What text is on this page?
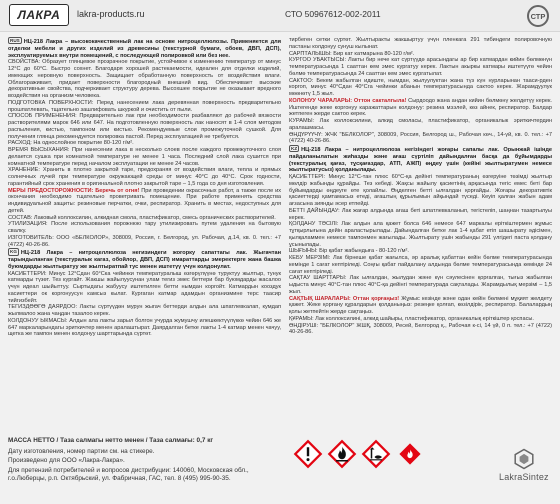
ЛАКРА	lakra-products.ru	СТО 50967612-002-2011	СТР

RUS НЦ-218 Лакра – высококачественный лак на основе нитроцеллюлозы. Применяется для отделки мебели и других изделий из древесины (текстурной бумаги, обоев, ДВП, ДСП), эксплуатируемых внутри помещений, с последующей полировкой или без нее.

СВОЙСТВА: Образует глянцевое прозрачное покрытие, устойчивое к изменению температур от минус 12°С до 60°С. Быстро сохнет. Благодаря хорошей растекаемости, идеален для отделки изделий, имеющих неровную поверхность. Защищает обработанную поверхность от воздействия влаги. Облагораживает, придает поверхности благородный внешний вид. Обеспечивает высокие декоративные свойства, подчеркивает структуру дерева. Высохшее покрытие не оказывает вредного воздействия на организм человека.

ПОДГОТОВКА ПОВЕРХНОСТИ: Перед нанесением лака деревянная поверхность предварительно прошпатлевать, тщательно зашлифовать шкуркой и очистить от пыли.

СПОСОБ ПРИМЕНЕНИЯ: Предварительно лак при необходимости разбавляют до рабочей вязкости растворителями марок 646 или 647. На подготовленную поверхность лак наносят в 1-4 слоя методом распыления, кистью, тампоном или кистью. Рекомендуемые слои промежуточной сушкой. Для получения глянца рекомендуется полировка пастой. Перед эксплуатацией не требуется.

РАСХОД: На однослойное покрытие 80-120 г/м².

ВРЕМЯ ВЫСЫХАНИЯ: При нанесении лака в несколько слоев после каждого промежуточного слоя делается сушка при комнатной температуре не менее 1 часа. Последний слой лака сушится при комнатной температуре перед началом эксплуатации не менее 24 часов.

ХРАНЕНИЕ: Хранить в плотно закрытой таре, предохраняя от воздействия влаги, тепла и прямых солнечных лучей при температуре окружающей среды от минус 40°С до 40°С. Срок годности, гарантийный срок хранения в оригинальной плотно закрытой таре – 1,5 года со дня изготовления.

МЕРЫ ПРЕДОСТОРОЖНОСТИ: Беречь от огня! При проведении окрасочных работ, а также после их окончания необходимо тщательно проветривать помещение. При работе применять средства индивидуальной защиты: резиновые перчатки, очки, респиратор. Хранить в местах, недоступных для детей.

СОСТАВ: Лаковый коллоксилин, алкидная смола, пластификатор, смесь органических растворителей.

УТИЛИЗАЦИЯ: После использования порожнюю тару утилизировать путем удаления на бытовую свалку.

ИЗГОТОВИТЕЛЬ: ООО «БЕЛКОЛОР», 308009, Россия, г. Белгород, ул. Рабочая, д.14, кв. 0. тел.: +7 (4722) 40-26-86.

KG НЦ-218 Лакра – нитроцеллюлоза негизиндеги жогорку сапаттагы лак. Жыгачтан тарындыланган (текстуралык кагаз, обойлор, ДВП, ДСП) имараттарды эмеректерге жана башка буюмдарды жылтыратуу же жылтыратпай тус менен иштетүү үчүн колдонулат.

КАСИЕТТЕРИ: Минус 12°Сдан 60°Ска чейинки температуралыш өзгөрүлүүнө туруктуу жылтыр, тунук катмарды түзөт. Тез кургайт. Жакшы жайылуусунан улам тегиз эмес беттери бар буюмдарды жасалоо үчүн идеал шыйыттуу. Сыртыдагы жабуусу иштетилген бетти нымдан коргойт. Катмардын кооздук касиеттери ок коргонуусун камсыз кылат. Кургаган катмар адамдын организмине терс таасир тийгизбейт.

ТЕГИЗДӨӨГӨ ДАЯРДОО: Лакты сүртүүдөн мурун жыгач беттерди алдын ала шпатлевкалап, кумдап жылмалоо жана чаңдан тазалоо керек.

КОЛДОНУУ ЫКМАСЫ: Алдын ала лакты зарыл болгон учурда жумушчу илешкектүүлүккө чейин 646 же 647 маркаларындагы эриткичтер менен аралаштырат. Даярдалган бетке лакты 1-4 катмар менен чачуу, щетка же тампон менен колдонуу шарттарында сүртөт.

МАССА НЕТТО / Таза салмагы нетто менен / Таза салмағы: 0,7 кг
Дату изготовления, номер партии см. на стикере.
Произведено для ООО «Лакра-Лакра».
Для претензий потребителей и вопросов дистрибуции: 140060, Московская обл., г.о.Люберцы, р.п. Октябрьский, ул. Фабричная, ГАС, тел. 8 (495) 995-90-35.

тирбеген сетки сүртөт. Жылтыракты жакшыртуу үчүн пленкага 291 тибиндеги полировочную пастаны колдонуу сунуш кылынат.

САРПТАЛЫШЫ: Бир кат катмарына 80-120 г/м².

КУРГОО УБАКТЫСЫ: Лакты бир нече кат сүртүүдө арасындагы ар бир катмардан кийин бөлмөнүн температурасында 1 сааттан кем эмес кургатуу керек. Лактын акыркы катмары иштетүүгө чейин бөлмө температурасында 24 сааттан кем эмес кургатылат.

САКТОО: Бекем жабылган идиште, нымдан, жылуулуктан жана түз күн нурларынан тааси-рден коргоп, минус 40°Cдан 40°Cга чейинки абанын температурасында сактоо керек. Жарамдуулук мөөнөтү 1,5 жыл.

КОЛОНУУ ЧАРАЛАРЫ: Оттон сакталгыла! Сырдоодо жана андан кийин бөлмөнү желдетүү керек. Иштегенде жеке коргонуу каражаттарын колдонуу: резина мээлей, көз айнек, респиратор. Балдар жетпеген жерде сактоо керек.

КУРАМЫ: Лак коллоксилини, алкид смоласы, пластификатор, органикалык эриткичтердин аралашмасы.

ӨНДҮРҮҮЧҮ: ЖЧК "БЕЛКОЛОР", 308009, Россия, Белгород ш., Рабочая көч., 14-үй, кв. 0. тел.: +7 (4722) 40-26-86.

KZ НЦ-218 Лакра – нитроцеллюлоза негізіндегі жоғары сапалы лак. Орынжай ішінде пайдаланылатын жиһазды және ағаш сүртіліп дайындалған басқа да бұйымдарды (текстуралық қағаз, тұсқағаздар, АТП, АЖП) өңдеу үшін (кейіні жылтыратумен немесе жылтыратусыз) қолданылады.

ҚАСИЕТТЕРІ: Минус 12°С-тан плюс 60°С-қа дейінгі температураның өзгеруіне төзімді жылтыр мөлдір жабынды құрайды. Тез кебеді. Жақсы жайылу қасиетінің арқасында тегіс емес беті бар бұйымдарды өңдеуге өте қолайлы. Өңделген бетті ылғалдан қорғайды. Жоғары декоративтік қасиеттерді қамтамасыз етеді, ағаштың құрылымын айқындай түседі. Кеуіп қалған жабын адам ағзасына зиянды әсер етпейді.

БЕТТІ ДАЙЫНДАУ: Лак жағар алдында ағаш беті шпатлевкаланып, тегістеліп, шаңнан тазартылуы керек.

ҚОЛДАНУ ТӘСІЛІ: Лак алдын ала қажет болса 646 немесе 647 маркалы еріткіштермен жұмыс тұтқырлығына дейін араластырылады. Дайындалған бетке лак 1-4 қабат етіп шашырату әдісімен, қылқаламмен немесе тампонмен жағылады. Жылтырату үшін жабынды 291 үлгідегі паста қолдану ұсынылады.

ШЫҒЫНЫ: Бір қабат жабындыға - 80-120 г/м².

КЕБУ МЕРЗІМІ: Лак бірнеше қабат жағылса, әр аралық қабаттан кейін бөлме температурасында кемінде 1 сағат кептіріледі. Соңғы қабат пайдалану алдында бөлме температурасында кемінде 24 сағат кептіріледі.

САҚТАУ ШАРТТАРЫ: Лак ылғалдан, жылудан және күн сәулесінен қорғалған, тығыз жабылған ыдыста минус 40°С-тан плюс 40°С-қа дейінгі температурада сақталады. Жарамдылық мерзімі – 1,5 жыл.

САҚТЫҚ ШАРАЛАРЫ: Оттан қорғаңыз! Жұмыс кезінде және одан кейін бөлмені мұқият желдету қажет. Жеке қорғану құралдарын қолданыңыз: резеңке қолғап, көзілдірік, респиратор. Балалардың қолы жетпейтін жерде сақтаңыз.

ҚҰРАМЫ: Лак коллоксилині, алкид шайыры, пластификатор, органикалық еріткіштер қоспасы.

ӨНДІРУШІ: "БЕЛКОЛОР" ЖШҚ, 308009, Ресей, Белгород қ., Рабочая к-сі, 14 үй, 0 п. тел.: +7 (4722) 40-26-86.

LakraSintez
